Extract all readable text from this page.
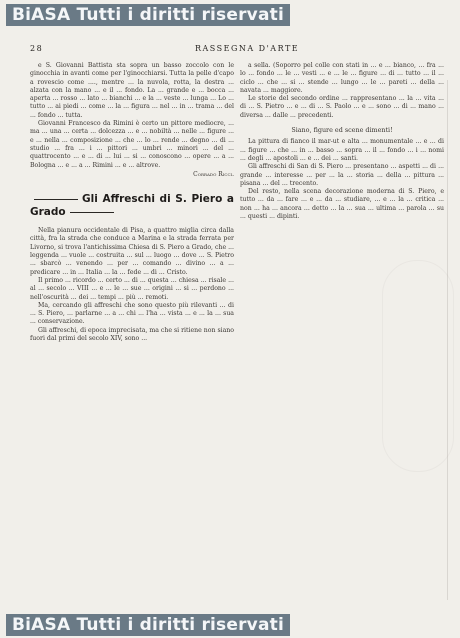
BiASA Tutti i diritti riservati
28	RASSEGNA D'ARTE

e S. Giovanni Battista sta sopra un basso zoccolo con le ginocchia in avanti come per l'ginocchiarsi. Tutta la pelle d'capo a rovescio come ...., mentre ... la nuvola, rotta, la destra ... alzata con la mano ... e il ... fondo. La ... grande e ... bocca ... aperta ... rosso ... lato ... bianchi ... e la ... veste ... lunga ... Lo ... tutto ... ai piedi ... come ... la ... figura ... nel ... in ... trama ... del ... fondo ... tutta.

Giovanni Francesco da Rimini è certo un pittore mediocre, ... ma ... una ... certa ... dolcezza ... e ... nobiltà ... nelle ... figure ... e ... nella ... composizione ... che ... lo ... rende ... degno ... di ... studio ... fra ... i ... pittori ... umbri ... minori ... del ... quattrocento ... e ... di ... lui ... si ... conoscono ... opere ... a ... Bologna ... e ... a ... Rimini ... e ... altrove.

Corrado Ricci.
Gli Affreschi di S. Piero a Grado

Nella pianura occidentale di Pisa, a quattro miglia circa dalla città, fra la strada che conduce a Marina e la strada ferrata per Livorno, si trova l'antichissima Chiesa di S. Piero a Grado, che ... leggenda ... vuole ... costruita ... sul ... luogo ... dove ... S. Pietro ... sbarcò ... venendo ... per ... comando ... divino ... a ... predicare ... in ... Italia ... la ... fede ... di ... Cristo.

Il primo ... ricordo ... certo ... di ... questa ... chiesa ... risale ... al ... secolo ... VIII ... e ... le ... sue ... origini ... si ... perdono ... nell'oscurità ... dei ... tempi ... più ... remoti.

Ma, cercando gli affreschi che sono questo più rilevanti ... di ... S. Piero, ... parlarne ... a ... chi ... l'ha ... vista ... e ... la ... sua ... conservazione.

Gli affreschi, di epoca imprecisata, ma che si ritiene non siano fuori dal primi del secolo XIV, sono ...

a sella. (Soporro pel colle con stati in ... e ... bianco, ... fra ... lo ... fondo ... le ... vesti ... e ... le ... figure ... di ... tutto ... il ... ciclo ... che ... si ... stende ... lungo ... le ... pareti ... della ... navata ... maggiore.

Le storie del secondo ordine ... rappresentano ... la ... vita ... di ... S. Pietro ... e ... di ... S. Paolo ... e ... sono ... di ... mano ... diversa ... dalle ... precedenti.

Siano, figure ed scene dimenti!

La pittura di fianco il mar-ut e alta ... monumentale ... e ... di ... figure ... che ... in ... basso ... sopra ... il ... fondo ... i ... nomi ... degli ... apostoli ... e ... dei ... santi.

Gli affreschi di San di S. Piero ... presentano ... aspetti ... di ... grande ... interesse ... per ... la ... storia ... della ... pittura ... pisana ... del ... trecento.

Del resto, nella scena decorazione moderna di S. Piero, e tutto ... da ... fare ... e ... da ... studiare, ... e ... la ... critica ... non ... ha ... ancora ... detto ... la ... sua ... ultima ... parola ... su ... questi ... dipinti.

BiASA Tutti i diritti riservati
